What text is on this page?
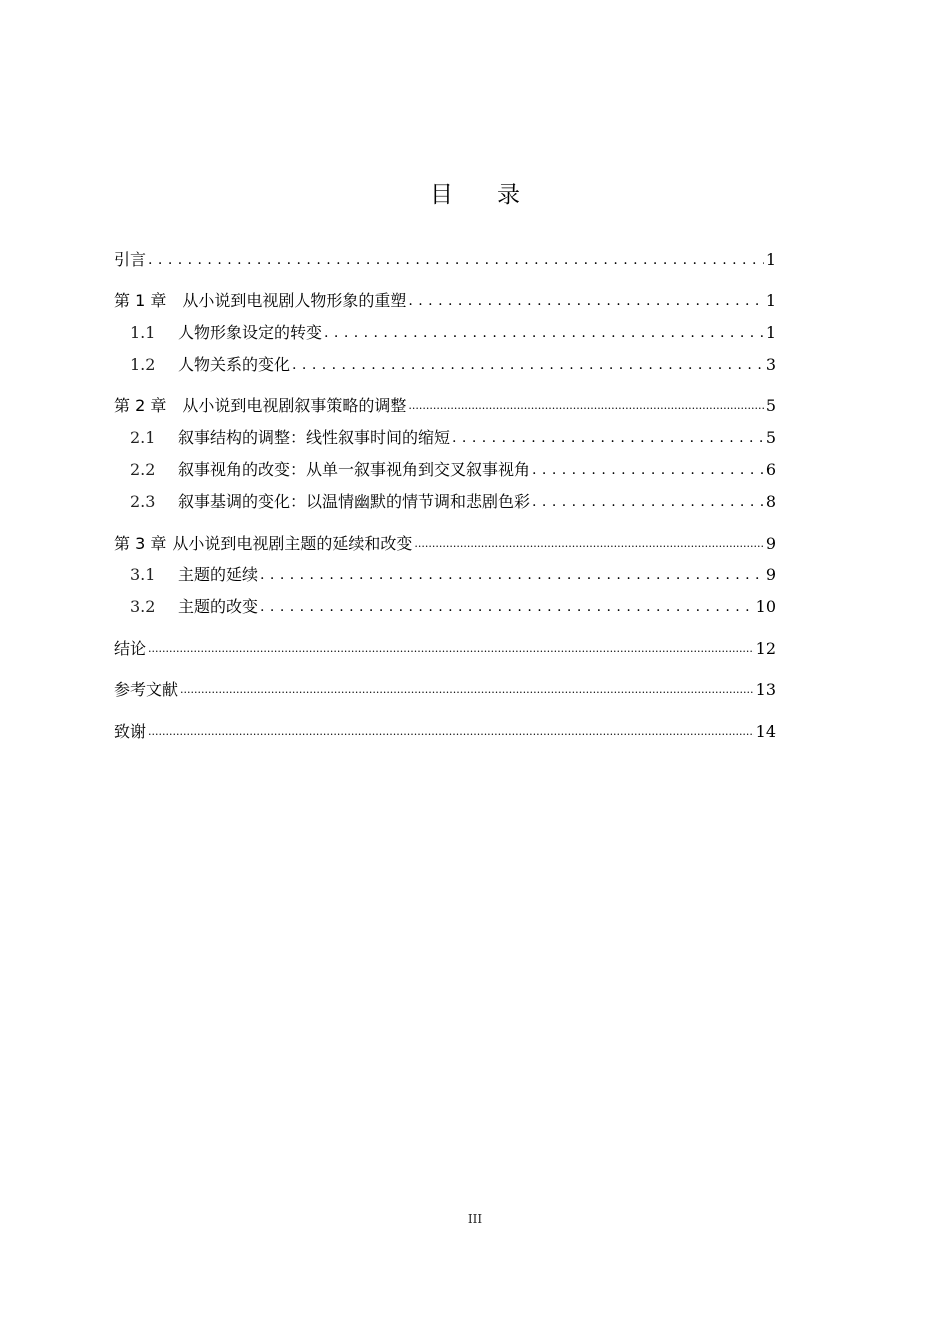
目 录
引言 . . .	1
第 1 章 从小说到电视剧人物形象的重塑 . . .	1
1.1	人物形象设定的转变 . . .	1
1.2	人物关系的变化 . . .	3
第 2 章 从小说到电视剧叙事策略的调整 .....	5
2.1	叙事结构的调整：线性叙事时间的缩短 . . .	5
2.2	叙事视角的改变：从单一叙事视角到交叉叙事视角 . . .	6
2.3	叙事基调的变化：以温情幽默的情节调和悲剧色彩 . . .	8
第 3 章 从小说到电视剧主题的延续和改变 .....	9
3.1	主题的延续 . . .	9
3.2	主题的改变 . . .	10
结论 .....	12
参考文献 .....	13
致谢 .....	14
III
